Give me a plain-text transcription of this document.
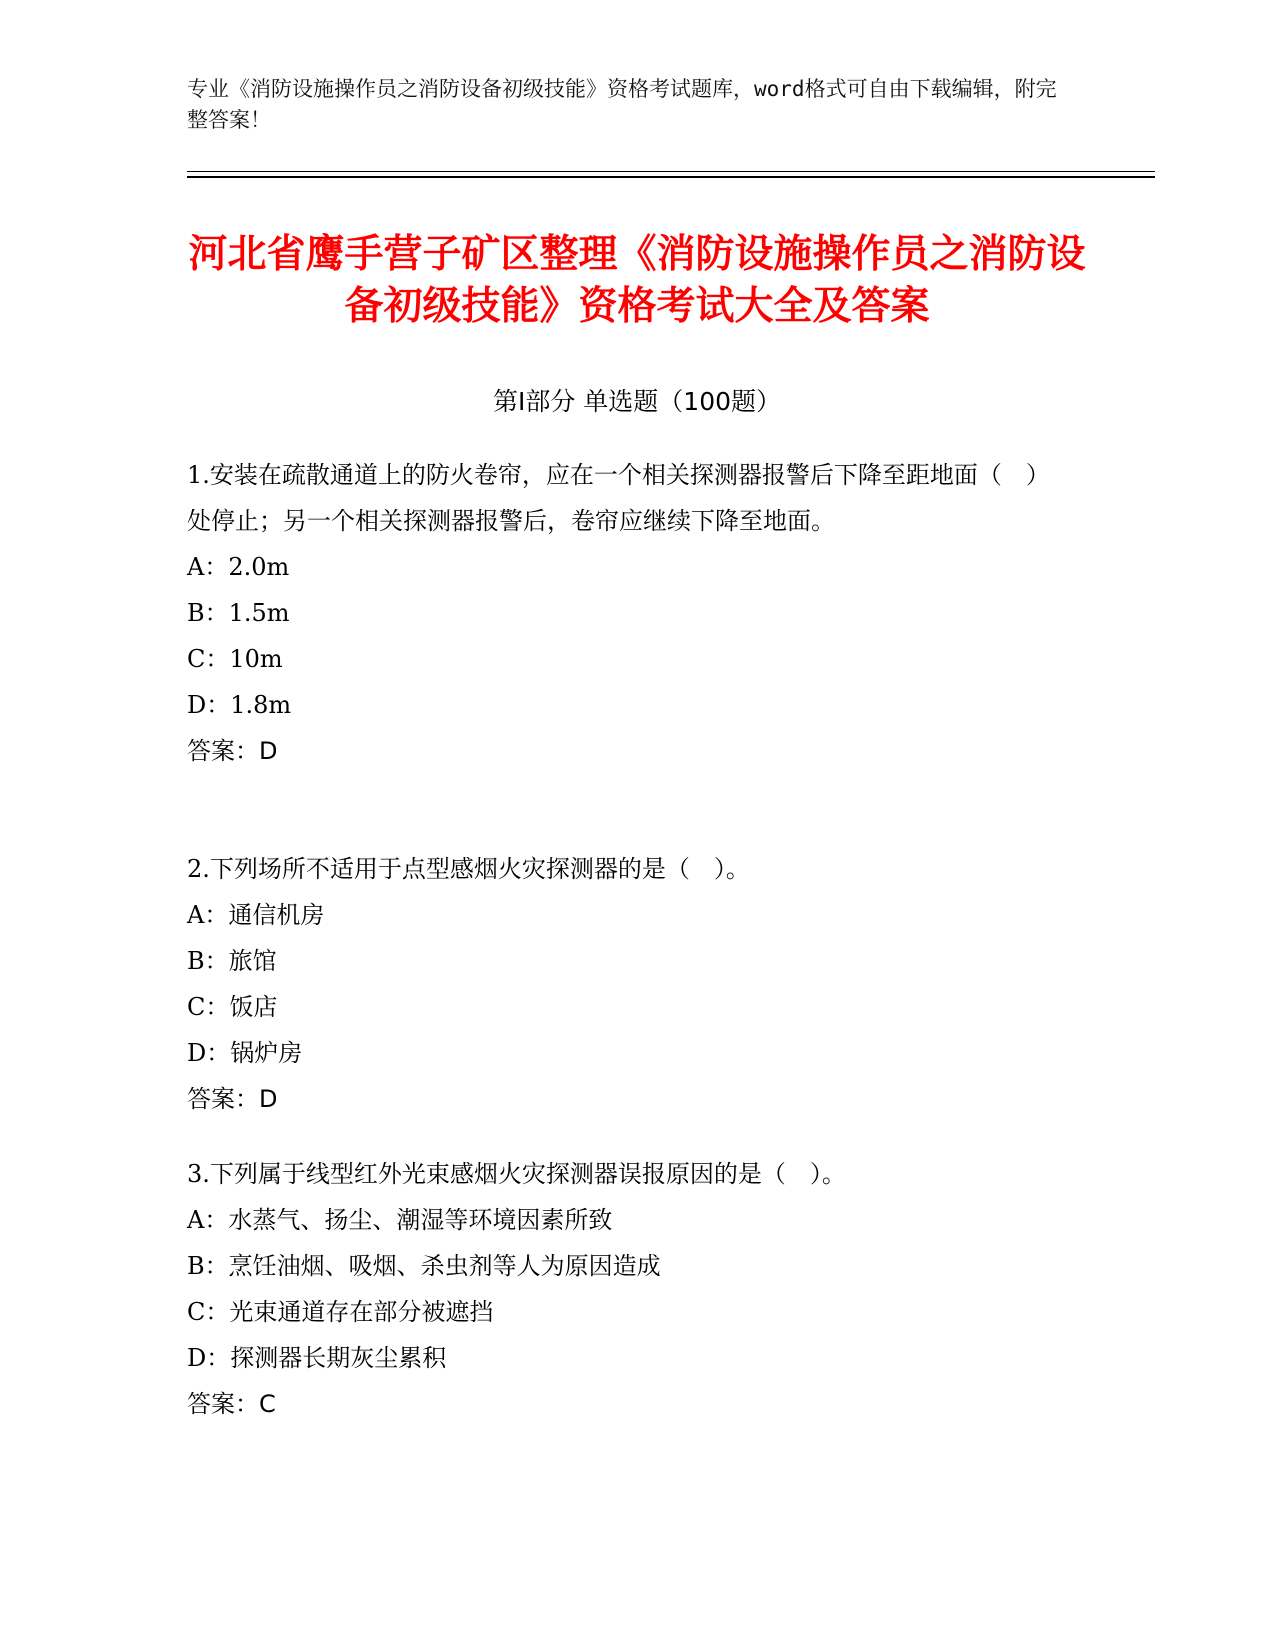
专业《消防设施操作员之消防设备初级技能》资格考试题库，word格式可自由下载编辑，附完整答案！
河北省鹰手营子矿区整理《消防设施操作员之消防设备初级技能》资格考试大全及答案
第Ⅰ部分 单选题（100题）

1.安装在疏散通道上的防火卷帘，应在一个相关探测器报警后下降至距地面（　）处停止；另一个相关探测器报警后，卷帘应继续下降至地面。

A：2.0m

B：1.5m

C：10m

D：1.8m

答案：D

2.下列场所不适用于点型感烟火灾探测器的是（　）。

A：通信机房

B：旅馆

C：饭店

D：锅炉房

答案：D

3.下列属于线型红外光束感烟火灾探测器误报原因的是（　）。

A：水蒸气、扬尘、潮湿等环境因素所致

B：烹饪油烟、吸烟、杀虫剂等人为原因造成

C：光束通道存在部分被遮挡

D：探测器长期灰尘累积

答案：C
